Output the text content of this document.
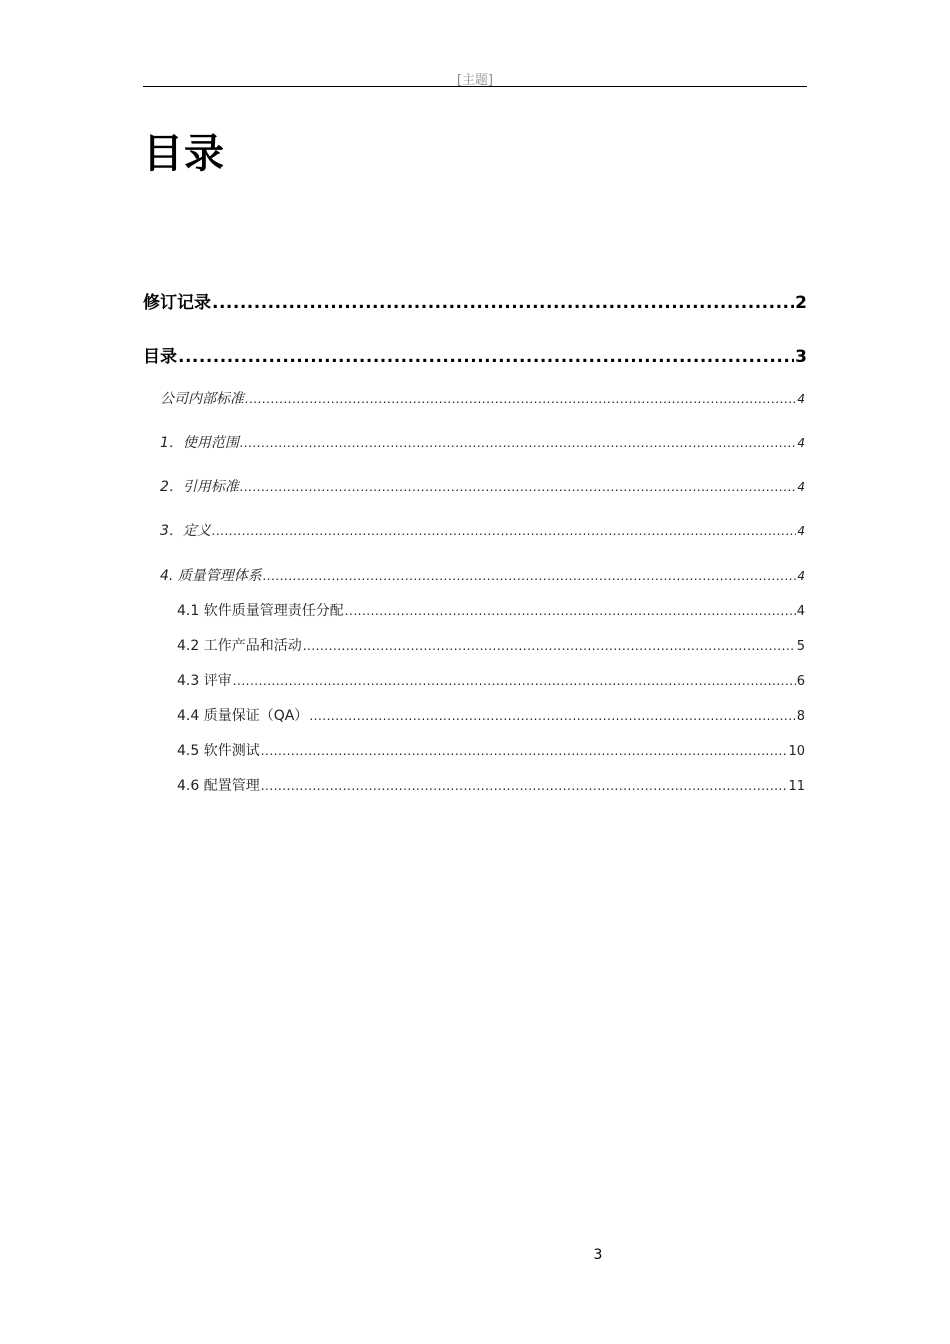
[主题]
目录
修订记录 .....	2
目录 .....	3
公司内部标准 .....	4
1．使用范围 .....	4
2．引用标准 .....	4
3．定义 .....	4
4. 质量管理体系 .....	4
4.1 软件质量管理责任分配 .....	4
4.2 工作产品和活动 .....	5
4.3 评审 .....	6
4.4 质量保证（QA） .....	8
4.5 软件测试 .....	10
4.6 配置管理 .....	11
3
